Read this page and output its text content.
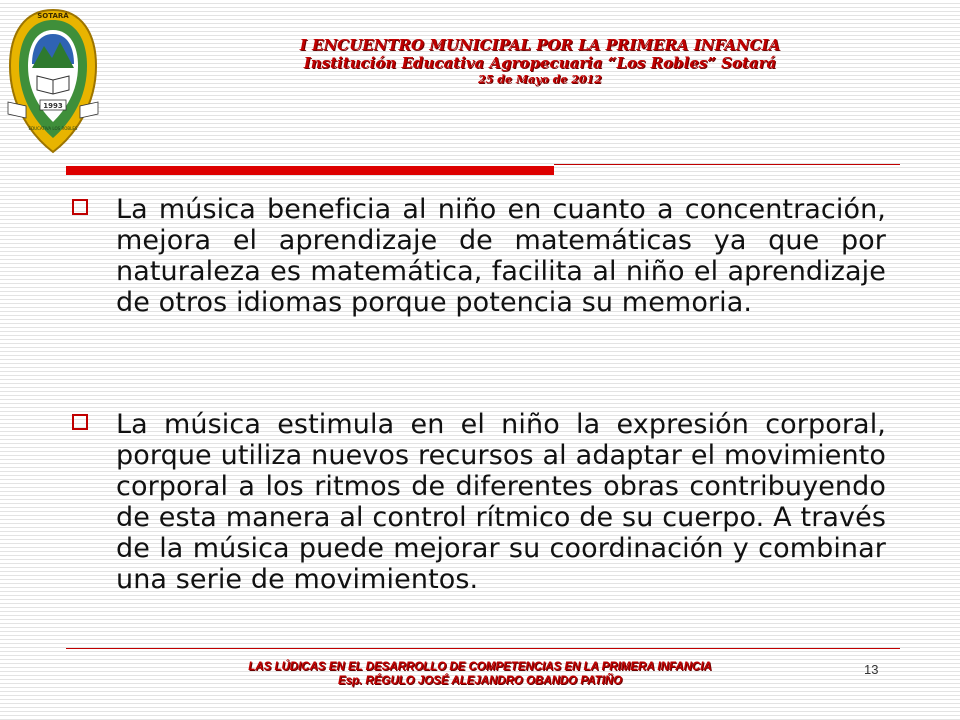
SOTARÁ
1993
EDUCATIVA LOS ROBLES
I ENCUENTRO MUNICIPAL POR LA PRIMERA INFANCIA
Institución Educativa Agropecuaria “Los Robles” Sotará
25 de Mayo de 2012
La música beneficia al niño en cuanto a concentración, mejora el aprendizaje de matemáticas ya que por naturaleza es matemática, facilita al niño el aprendizaje de otros idiomas porque potencia su memoria.
La música estimula en el niño la expresión corporal, porque utiliza nuevos recursos al adaptar el movimiento corporal a los ritmos de diferentes obras contribuyendo de esta manera al control rítmico de su cuerpo. A través de la música puede mejorar su coordinación y combinar una serie de movimientos.
LAS LÚDICAS EN EL DESARROLLO DE COMPETENCIAS EN LA PRIMERA INFANCIA
Esp. RÉGULO JOSÉ ALEJANDRO OBANDO PATIÑO
13
